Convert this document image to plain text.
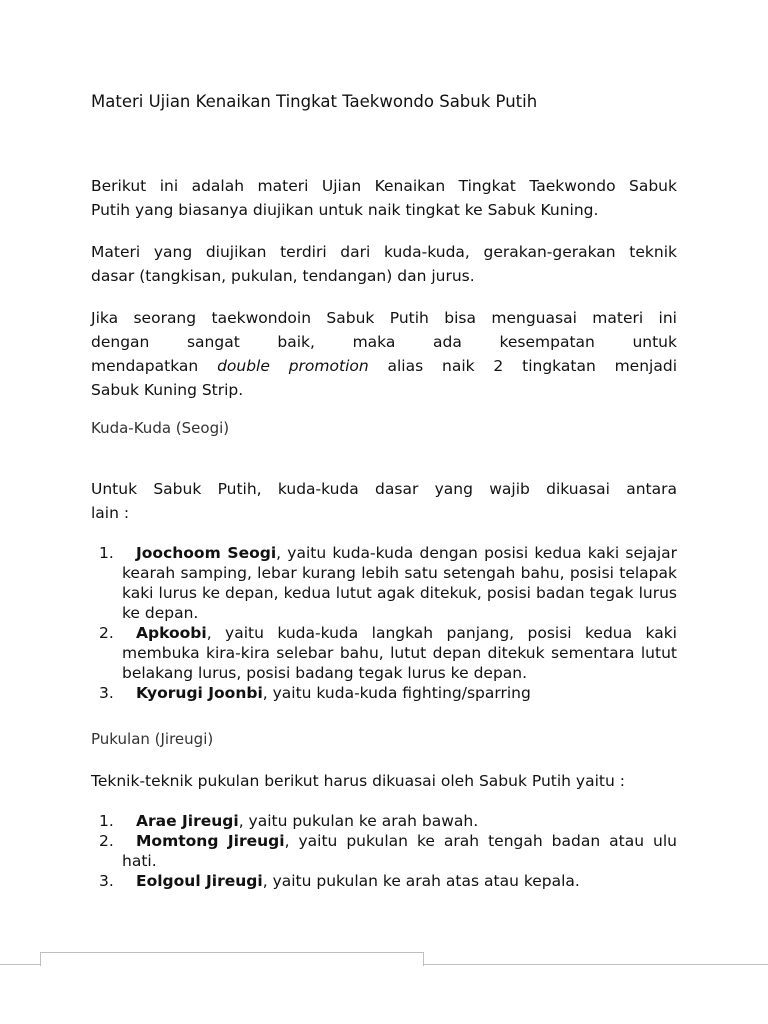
Materi Ujian Kenaikan Tingkat Taekwondo Sabuk Putih

Berikut ini adalah materi Ujian Kenaikan Tingkat Taekwondo Sabuk
Putih yang biasanya diujikan untuk naik tingkat ke Sabuk Kuning.

Materi yang diujikan terdiri dari kuda-kuda, gerakan-gerakan teknik
dasar (tangkisan, pukulan, tendangan) dan jurus.

Jika seorang taekwondoin Sabuk Putih bisa menguasai materi ini
dengan sangat baik, maka ada kesempatan untuk
mendapatkan double promotion alias naik 2 tingkatan menjadi
Sabuk Kuning Strip.

Kuda-Kuda (Seogi)

Untuk Sabuk Putih, kuda-kuda dasar yang wajib dikuasai antara
lain :

1. Joochoom Seogi, yaitu kuda-kuda dengan posisi kedua kaki sejajar kearah samping, lebar kurang lebih satu setengah bahu, posisi telapak kaki lurus ke depan, kedua lutut agak ditekuk, posisi badan tegak lurus ke depan.
2. Apkoobi, yaitu kuda-kuda langkah panjang, posisi kedua kaki membuka kira-kira selebar bahu, lutut depan ditekuk sementara lutut belakang lurus, posisi badang tegak lurus ke depan.
3. Kyorugi Joonbi, yaitu kuda-kuda fighting/sparring
Pukulan (Jireugi)

Teknik-teknik pukulan berikut harus dikuasai oleh Sabuk Putih yaitu :

1. Arae Jireugi, yaitu pukulan ke arah bawah.
2. Momtong Jireugi, yaitu pukulan ke arah tengah badan atau ulu hati.
3. Eolgoul Jireugi, yaitu pukulan ke arah atas atau kepala.
